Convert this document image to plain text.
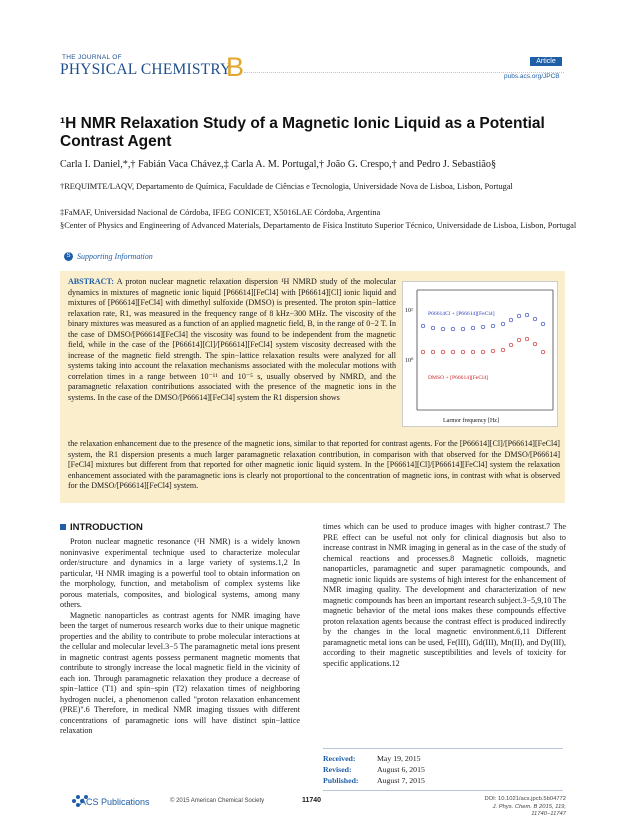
THE JOURNAL OF
PHYSICAL CHEMISTRY
B	Article
pubs.acs.org/JPCB
¹H NMR Relaxation Study of a Magnetic Ionic Liquid as a Potential Contrast Agent
Carla I. Daniel,*,† Fabián Vaca Chávez,‡ Carla A. M. Portugal,† João G. Crespo,† and Pedro J. Sebastião§
†REQUIMTE/LAQV, Departamento de Química, Faculdade de Ciências e Tecnologia, Universidade Nova de Lisboa, Lisbon, Portugal
‡FaMAF, Universidad Nacional de Córdoba, IFEG CONICET, X5016LAE Córdoba, Argentina
§Center of Physics and Engineering of Advanced Materials, Departamento de Física Instituto Superior Técnico, Universidade de Lisboa, Lisbon, Portugal
S Supporting Information
ABSTRACT: A proton nuclear magnetic relaxation dispersion ¹H NMRD study of the molecular dynamics in mixtures of magnetic ionic liquid [P66614][FeCl4] with [P66614][Cl] ionic liquid and mixtures of [P66614][FeCl4] with dimethyl sulfoxide (DMSO) is presented. The proton spin−lattice relaxation rate, R1, was measured in the frequency range of 8 kHz−300 MHz. The viscosity of the binary mixtures was measured as a function of an applied magnetic field, B, in the range of 0−2 T. In the case of DMSO/[P66614][FeCl4] the viscosity was found to be independent from the magnetic field, while in the case of the [P66614][Cl]/[P66614][FeCl4] system viscosity decreased with the increase of the magnetic field strength. The spin−lattice relaxation results were analyzed for all systems taking into account the relaxation mechanisms associated with the molecular motions with correlation times in a range between 10⁻¹¹ and 10⁻⁵ s, usually observed by NMRD, and the paramagnetic relaxation contributions associated with the presence of the magnetic ions in the systems. In the case of the DMSO/[P66614][FeCl4] system the R1 dispersion shows
the relaxation enhancement due to the presence of the magnetic ions, similar to that reported for contrast agents. For the [P66614][Cl]/[P66614][FeCl4] system, the R1 dispersion presents a much larger paramagnetic relaxation contribution, in comparison with that observed for the DMSO/[P66614][FeCl4] mixtures but different from that reported for other magnetic ionic liquid system. In the [P66614][Cl]/[P66614][FeCl4] system the relaxation enhancement associated with the paramagnetic ions is clearly not proportional to the concentration of magnetic ions, in contrast with what is observed for the DMSO/[P66614][FeCl4] system.
10²
10⁰
P66614Cl + [P66614][FeCl4]
DMSO + [P66614][FeCl4]
Larmor frequency [Hz]
INTRODUCTION

Proton nuclear magnetic resonance (¹H NMR) is a widely known noninvasive experimental technique used to characterize molecular order/structure and dynamics in a large variety of systems.1,2 In particular, ¹H NMR imaging is a powerful tool to obtain information on the morphology, function, and metabolism of complex systems like porous materials, composites, and biological systems, among many others.

Magnetic nanoparticles as contrast agents for NMR imaging have been the target of numerous research works due to their unique magnetic properties and the ability to contribute to probe molecular interactions at the cellular and molecular level.3−5 The paramagnetic metal ions present in magnetic contrast agents possess permanent magnetic moments that contribute to strongly increase the local magnetic field in the vicinity of each ion. Through paramagnetic relaxation they produce a decrease of spin−lattice (T1) and spin−spin (T2) relaxation times of neighboring hydrogen nuclei, a phenomenon called "proton relaxation enhancement (PRE)".6 Therefore, in medical NMR imaging tissues with different concentrations of paramagnetic ions will have distinct spin−lattice relaxation

times which can be used to produce images with higher contrast.7 The PRE effect can be useful not only for clinical diagnosis but also to increase contrast in NMR imaging in general as in the case of the study of chemical reactions and processes.8 Magnetic colloids, magnetic nanoparticles, paramagnetic and super paramagnetic compounds, and magnetic ionic liquids are systems of high interest for the enhancement of NMR imaging quality. The development and characterization of new magnetic compounds has been an important research subject.3−5,9,10 The magnetic behavior of the metal ions makes these compounds effective proton relaxation agents because the contrast effect is produced indirectly by the changes in the local magnetic environment.6,11 Different paramagnetic metal ions can be used, Fe(III), Gd(III), Mn(II), and Dy(III), according to their magnetic susceptibilities and levels of toxicity for specific applications.12

Received:	May 19, 2015
Revised:	August 6, 2015
Published: August 7, 2015
ACS Publications	© 2015 American Chemical Society	11740	DOI: 10.1021/acs.jpcb.5b04772
J. Phys. Chem. B 2015, 119, 11740−11747
